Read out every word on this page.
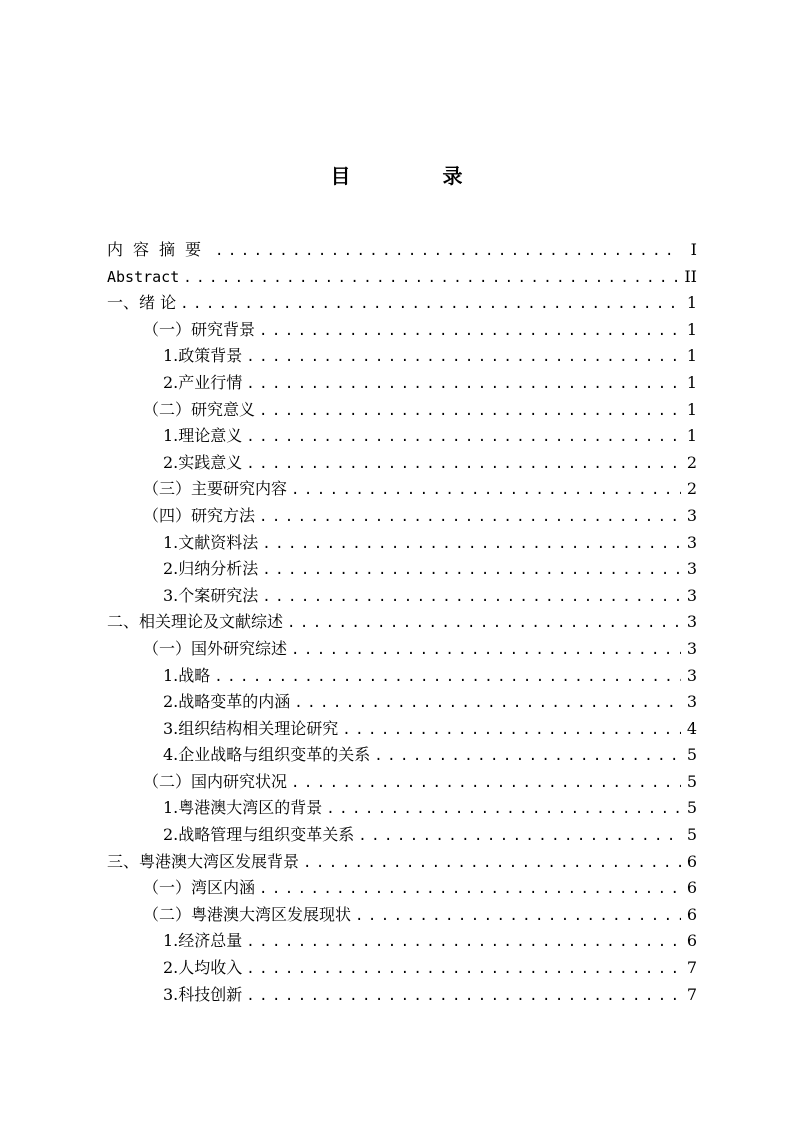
目　录
内容摘要 . . .	I
Abstract . . .	II
一、 绪 论 . . .	1
（一） 研究背景 . . .	1
1. 政策背景 . . .	1
2. 产业行情 . . .	1
（二） 研究意义 . . .	1
1. 理论意义 . . .	1
2. 实践意义 . . .	2
（三） 主要研究内容 . . .	2
（四） 研究方法 . . .	3
1. 文献资料法 . . .	3
2. 归纳分析法 . . .	3
3. 个案研究法 . . .	3
二、 相关理论及文献综述 . . .	3
（一） 国外研究综述 . . .	3
1. 战略 . . .	3
2. 战略变革的内涵 . . .	3
3. 组织结构相关理论研究 . . .	4
4. 企业战略与组织变革的关系 . . .	5
（二） 国内研究状况 . . .	5
1. 粤港澳大湾区的背景 . . .	5
2. 战略管理与组织变革关系 . . .	5
三、 粤港澳大湾区发展背景 . . .	6
（一） 湾区内涵 . . .	6
（二） 粤港澳大湾区发展现状 . . .	6
1. 经济总量 . . .	6
2. 人均收入 . . .	7
3. 科技创新 . . .	7
